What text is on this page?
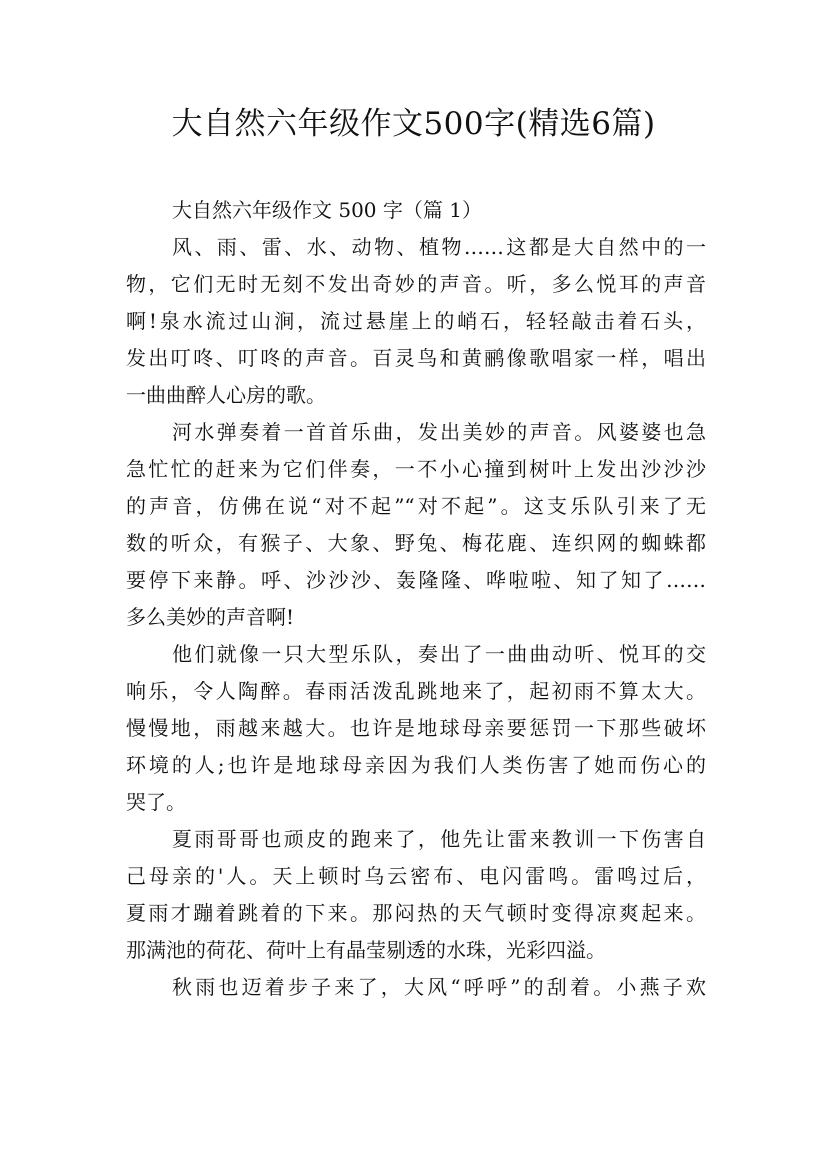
大自然六年级作文500字(精选6篇)
大自然六年级作文 500 字（篇 1）
风、雨、雷、水、动物、植物……这都是大自然中的一
物，它们无时无刻不发出奇妙的声音。听，多么悦耳的声音
啊!泉水流过山涧，流过悬崖上的峭石，轻轻敲击着石头，
发出叮咚、叮咚的声音。百灵鸟和黄鹂像歌唱家一样，唱出
一曲曲醉人心房的歌。
河水弹奏着一首首乐曲，发出美妙的声音。风婆婆也急
急忙忙的赶来为它们伴奏，一不小心撞到树叶上发出沙沙沙
的声音，仿佛在说“对不起”“对不起”。这支乐队引来了无
数的听众，有猴子、大象、野兔、梅花鹿、连织网的蜘蛛都
要停下来静。呼、沙沙沙、轰隆隆、哗啦啦、知了知了……
多么美妙的声音啊!
他们就像一只大型乐队，奏出了一曲曲动听、悦耳的交
响乐，令人陶醉。春雨活泼乱跳地来了，起初雨不算太大。
慢慢地，雨越来越大。也许是地球母亲要惩罚一下那些破坏
环境的人;也许是地球母亲因为我们人类伤害了她而伤心的
哭了。
夏雨哥哥也顽皮的跑来了，他先让雷来教训一下伤害自
己母亲的'人。天上顿时乌云密布、电闪雷鸣。雷鸣过后，
夏雨才蹦着跳着的下来。那闷热的天气顿时变得凉爽起来。
那满池的荷花、荷叶上有晶莹剔透的水珠，光彩四溢。
秋雨也迈着步子来了，大风“呼呼”的刮着。小燕子欢
